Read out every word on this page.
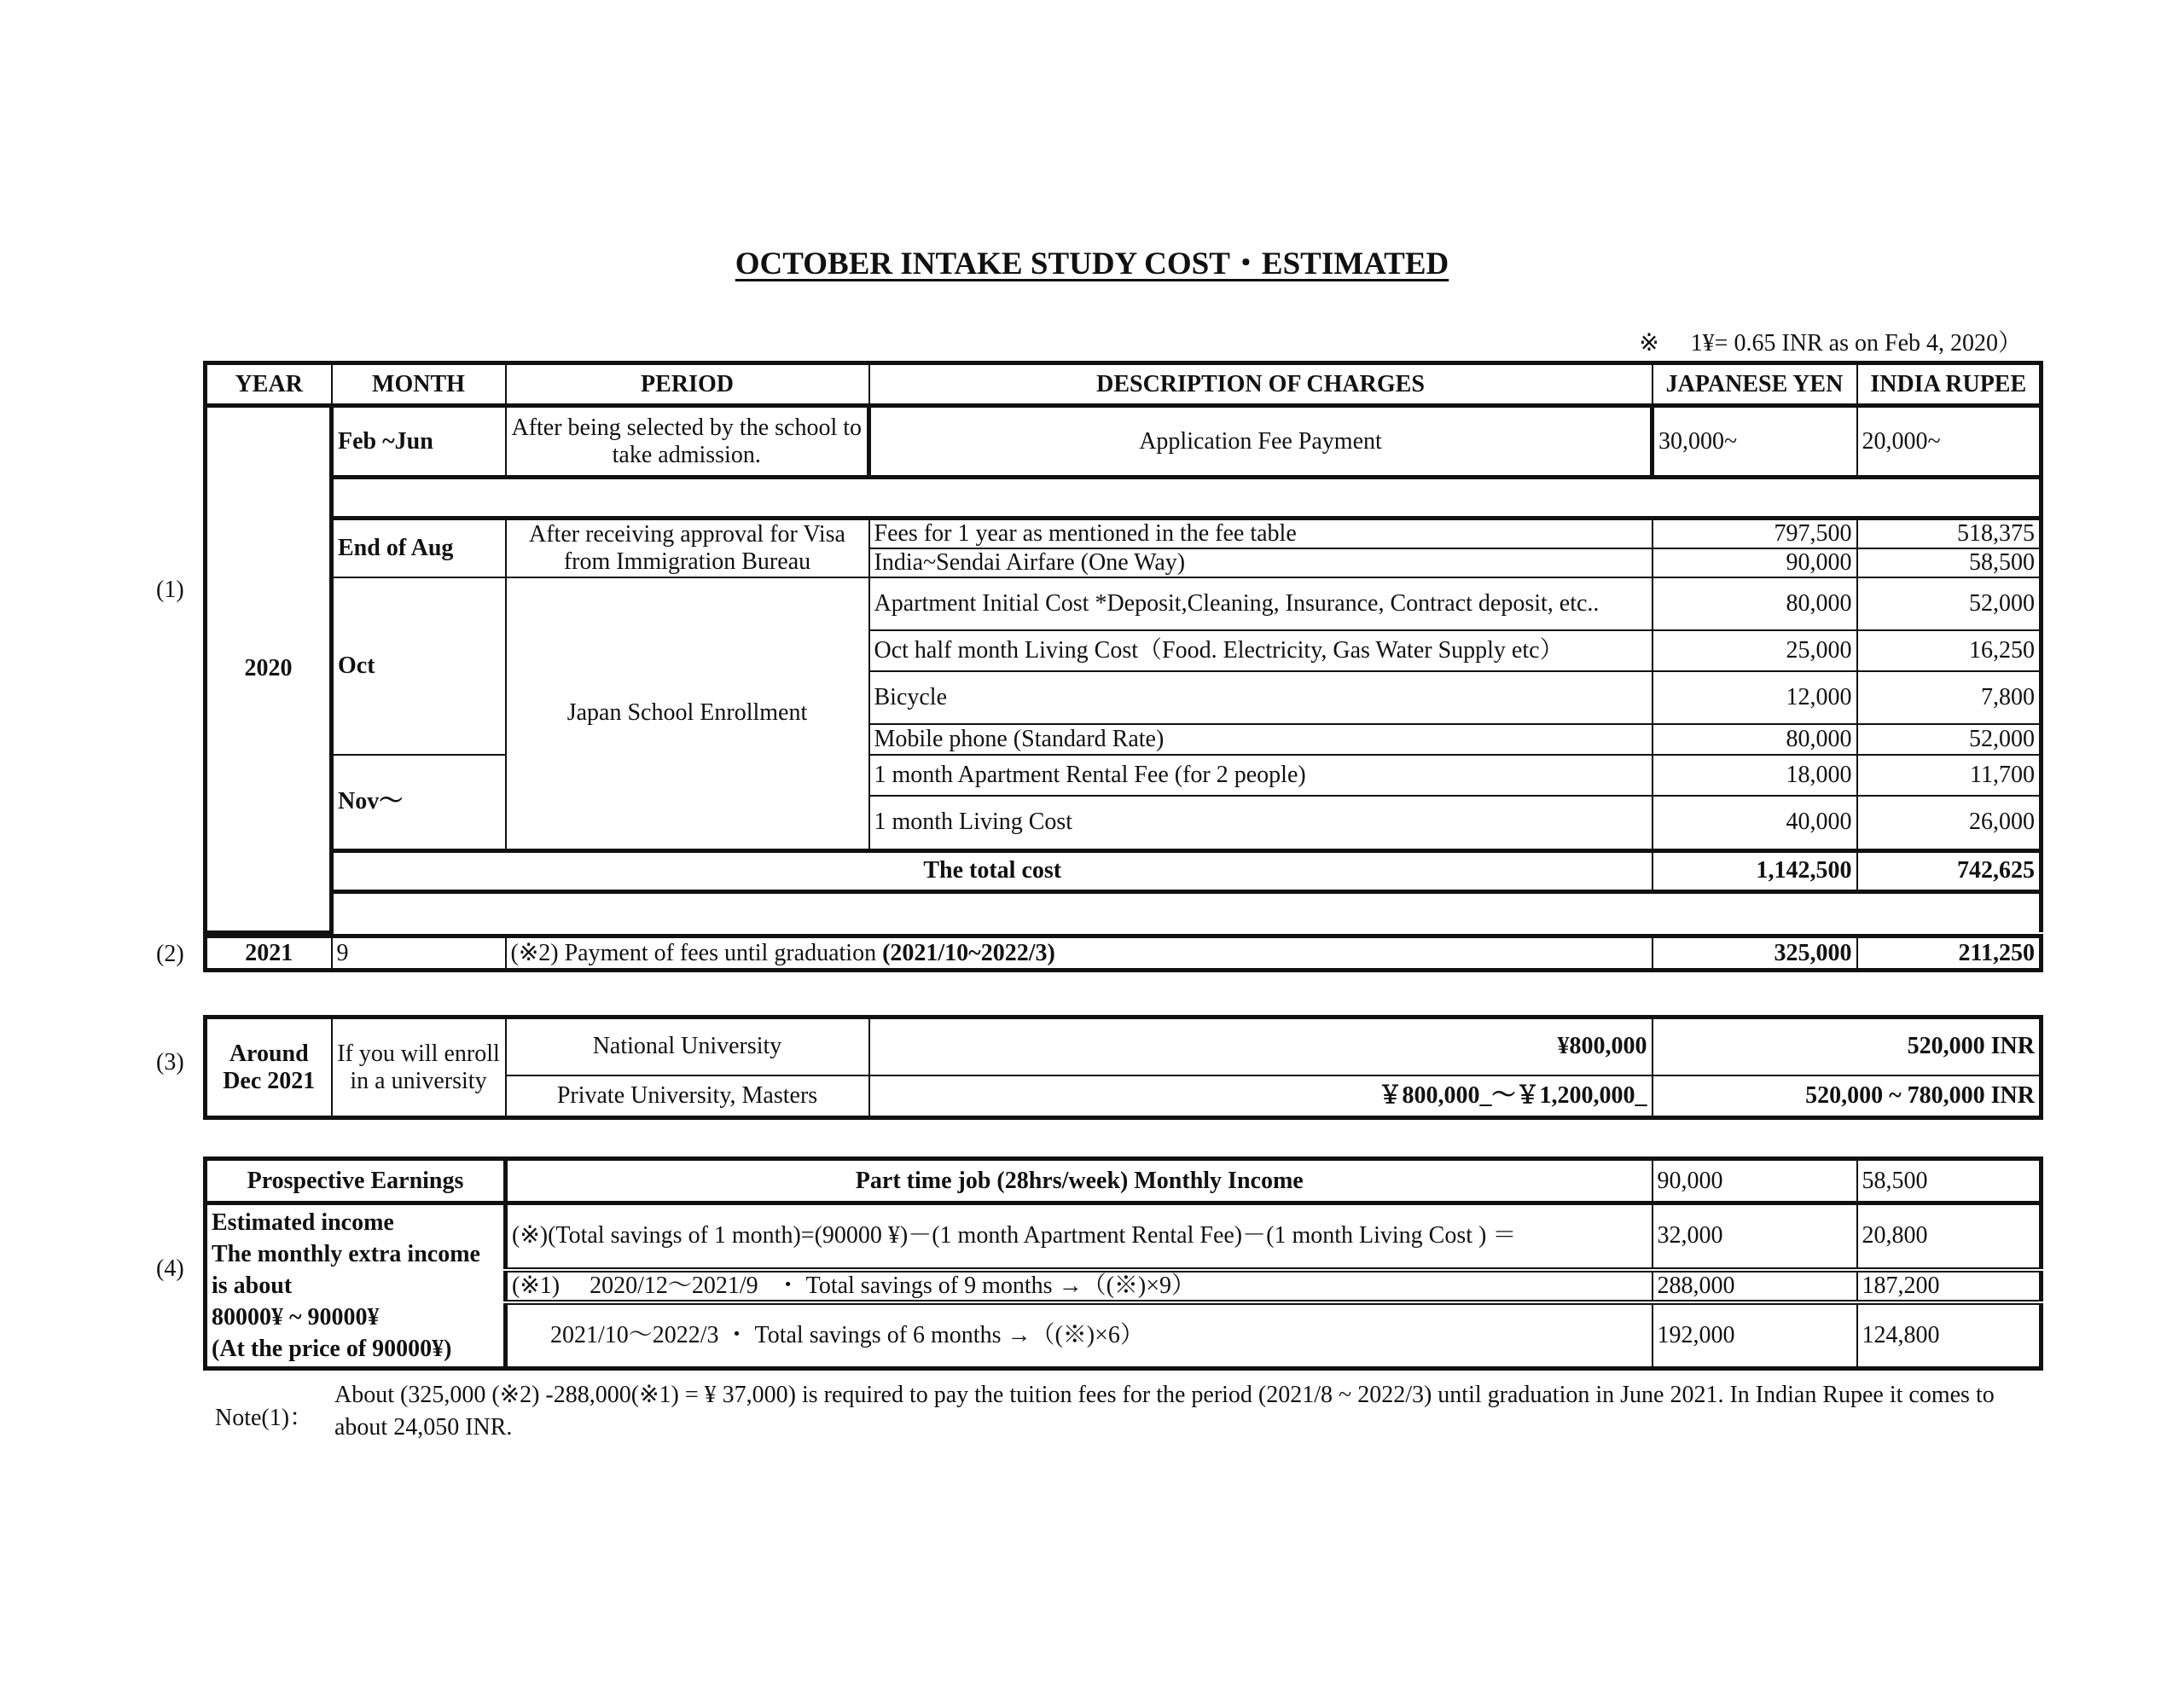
OCTOBER INTAKE STUDY COST・ESTIMATED
※ 1¥= 0.65 INR as on Feb 4, 2020）
(1)
YEAR	MONTH	PERIOD	DESCRIPTION OF CHARGES	JAPANESE YEN	INDIA RUPEE
2020	Feb ~Jun	After being selected by the school to take admission.	Application Fee Payment	30,000~	20,000~

	End of Aug	After receiving approval for Visa from Immigration Bureau	Fees for 1 year as mentioned in the fee table	797,500	518,375
			India~Sendai Airfare (One Way)	90,000	58,500
	Oct	Japan School Enrollment	Apartment Initial Cost *Deposit,Cleaning, Insurance, Contract deposit, etc..	80,000	52,000
			Oct half month Living Cost（Food. Electricity, Gas Water Supply etc）	25,000	16,250
			Bicycle	12,000	7,800
			Mobile phone (Standard Rate)	80,000	52,000
	Nov～		1 month Apartment Rental Fee (for 2 people)	18,000	11,700
			1 month Living Cost	40,000	26,000
	The total cost			1,142,500	742,625

(2)	2021	9	(※2) Payment of fees until graduation (2021/10~2022/3)	325,000	211,250
(3) Around Dec 2021	If you will enroll in a university	National University	¥800,000	520,000 INR
		Private University, Masters	￥800,000_～￥1,200,000_	520,000 ~ 780,000 INR
(4)
Prospective Earnings	Part time job (28hrs/week) Monthly Income	90,000	58,500

Estimated income
The monthly extra income
is about
80000¥ ~ 90000¥
(At the price of 90000¥)	(※)(Total savings of 1 month)=(90000 ¥)－(1 month Apartment Rental Fee)－(1 month Living Cost ) ＝	32,000	20,800
	(※1)     2020/12～2021/9   ・ Total savings of 9 months →（(※)×9）	288,000	187,200
	2021/10～2022/3 ・ Total savings of 6 months →（(※)×6）	192,000	124,800
Note(1)：
About (325,000 (※2) -288,000(※1) = ¥ 37,000) is required to pay the tuition fees for the period (2021/8 ~ 2022/3) until graduation in June 2021. In Indian Rupee it comes to about 24,050 INR.
